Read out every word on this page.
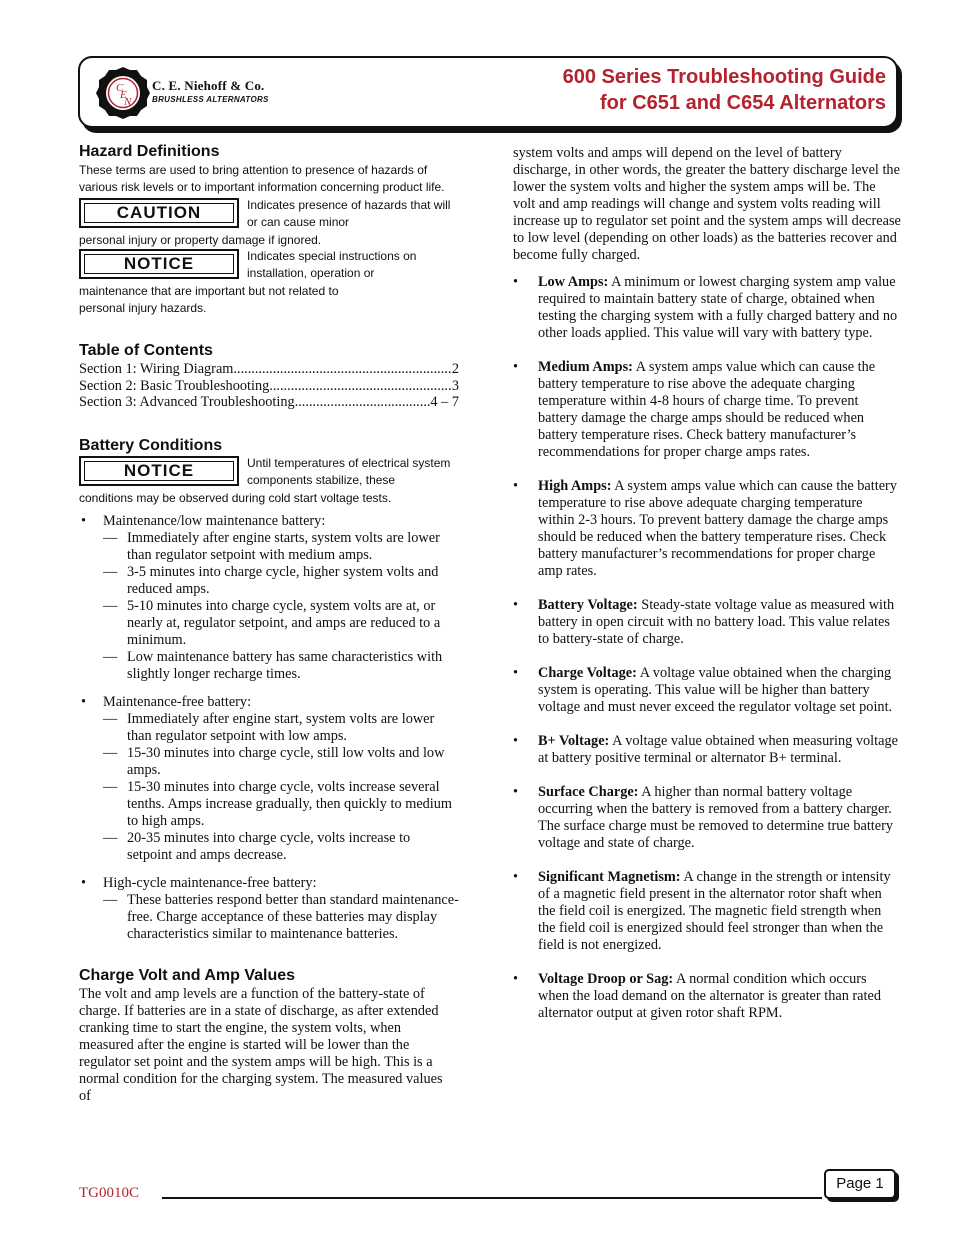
C
E
N
C. E. Niehoff & Co.
BRUSHLESS ALTERNATORS
600 Series Troubleshooting Guide
for C651 and C654 Alternators
Hazard Definitions
These terms are used to bring attention to presence of hazards of various risk levels or to important information concerning product life.
CAUTION	Indicates presence of hazards that will or can cause minor
personal injury or property damage if ignored.
NOTICE	Indicates special instructions on installation, operation or
maintenance that are important but not related to personal injury hazards.
Table of Contents
Section 1: Wiring Diagram .....	2
Section 2: Basic Troubleshooting .....	3
Section 3: Advanced Troubleshooting .....	4 – 7
Battery Conditions
NOTICE	Until temperatures of electrical system components stabilize, these
conditions may be observed during cold start voltage tests.
• Maintenance/low maintenance battery:
— Immediately after engine starts, system volts are lower than regulator setpoint with medium amps.
— 3-5 minutes into charge cycle, higher system volts and reduced amps.
— 5-10 minutes into charge cycle, system volts are at, or nearly at, regulator setpoint, and amps are reduced to a minimum.
— Low maintenance battery has same characteristics with slightly longer recharge times.
• Maintenance-free battery:
— Immediately after engine start, system volts are lower than regulator setpoint with low amps.
— 15-30 minutes into charge cycle, still low volts and low amps.
— 15-30 minutes into charge cycle, volts increase several tenths. Amps increase gradually, then quickly to medium to high amps.
— 20-35 minutes into charge cycle, volts increase to setpoint and amps decrease.
• High-cycle maintenance-free battery:
— These batteries respond better than standard maintenance-free. Charge acceptance of these batteries may display characteristics similar to maintenance batteries.
Charge Volt and Amp Values
The volt and amp levels are a function of the battery-state of charge. If batteries are in a state of discharge, as after extended cranking time to start the engine, the system volts, when measured after the engine is started will be lower than the regulator set point and the system amps will be high. This is a normal condition for the charging system. The measured values of
system volts and amps will depend on the level of battery discharge, in other words, the greater the battery discharge level the lower the system volts and higher the system amps will be. The volt and amp readings will change and system volts reading will increase up to regulator set point and the system amps will decrease to low level (depending on other loads) as the batteries recover and become fully charged.
• Low Amps: A minimum or lowest charging system amp value required to maintain battery state of charge, obtained when testing the charging system with a fully charged battery and no other loads applied. This value will vary with battery type.
• Medium Amps: A system amps value which can cause the battery temperature to rise above the adequate charging temperature within 4-8 hours of charge time. To prevent battery damage the charge amps should be reduced when battery temperature rises. Check battery manufacturer’s recommendations for proper charge amps rates.
• High Amps: A system amps value which can cause the battery temperature to rise above adequate charging temperature within 2-3 hours. To prevent battery damage the charge amps should be reduced when the battery temperature rises. Check battery manufacturer’s recommendations for proper charge amp rates.
• Battery Voltage: Steady-state voltage value as measured with battery in open circuit with no battery load. This value relates to battery-state of charge.
• Charge Voltage: A voltage value obtained when the charging system is operating. This value will be higher than battery voltage and must never exceed the regulator voltage set point.
• B+ Voltage: A voltage value obtained when measuring voltage at battery positive terminal or alternator B+ terminal.
• Surface Charge: A higher than normal battery voltage occurring when the battery is removed from a battery charger. The surface charge must be removed to determine true battery voltage and state of charge.
• Significant Magnetism: A change in the strength or intensity of a magnetic field present in the alternator rotor shaft when the field coil is energized. The magnetic field strength when the field coil is energized should feel stronger than when the field is not energized.
• Voltage Droop or Sag: A normal condition which occurs when the load demand on the alternator is greater than rated alternator output at given rotor shaft RPM.
TG0010C
Page 1
